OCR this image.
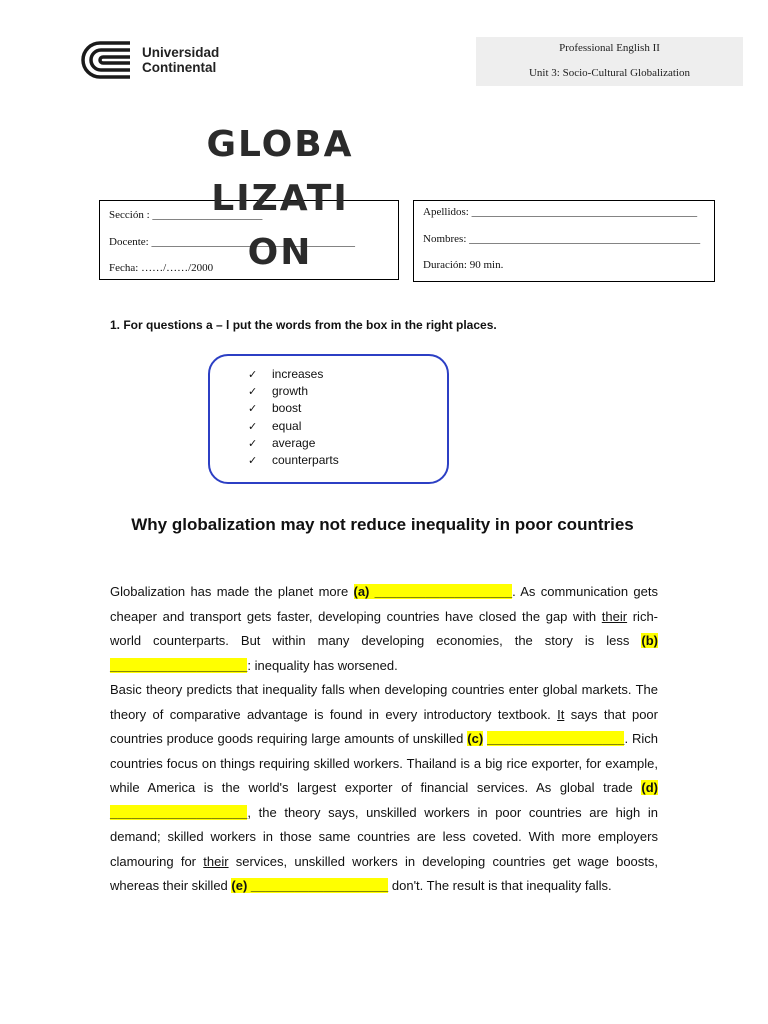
Universidad
Continental
Professional English II
Unit 3: Socio-Cultural Globalization
Sección : ____________________
Docente: _____________________________________
Fecha: ……/……/2000
Apellidos: _________________________________________
Nombres: __________________________________________
Duración: 90 min.
GLOBA
LIZATI
ON
1. For questions a – l put the words from the box in the right places.
✓ increases
✓ growth
✓ boost
✓ equal
✓ average
✓ counterparts
Why globalization may not reduce inequality in poor countries

Globalization has made the planet more (a) ___________________. As communication gets cheaper and transport gets faster, developing countries have closed the gap with their rich-world counterparts. But within many developing economies, the story is less (b) ___________________: inequality has worsened.

Basic theory predicts that inequality falls when developing countries enter global markets. The theory of comparative advantage is found in every introductory textbook. It says that poor countries produce goods requiring large amounts of unskilled (c) ___________________. Rich countries focus on things requiring skilled workers. Thailand is a big rice exporter, for example, while America is the world's largest exporter of financial services. As global trade (d) ___________________, the theory says, unskilled workers in poor countries are high in demand; skilled workers in those same countries are less coveted. With more employers clamouring for their services, unskilled workers in developing countries get wage boosts, whereas their skilled (e) ___________________ don't. The result is that inequality falls.
